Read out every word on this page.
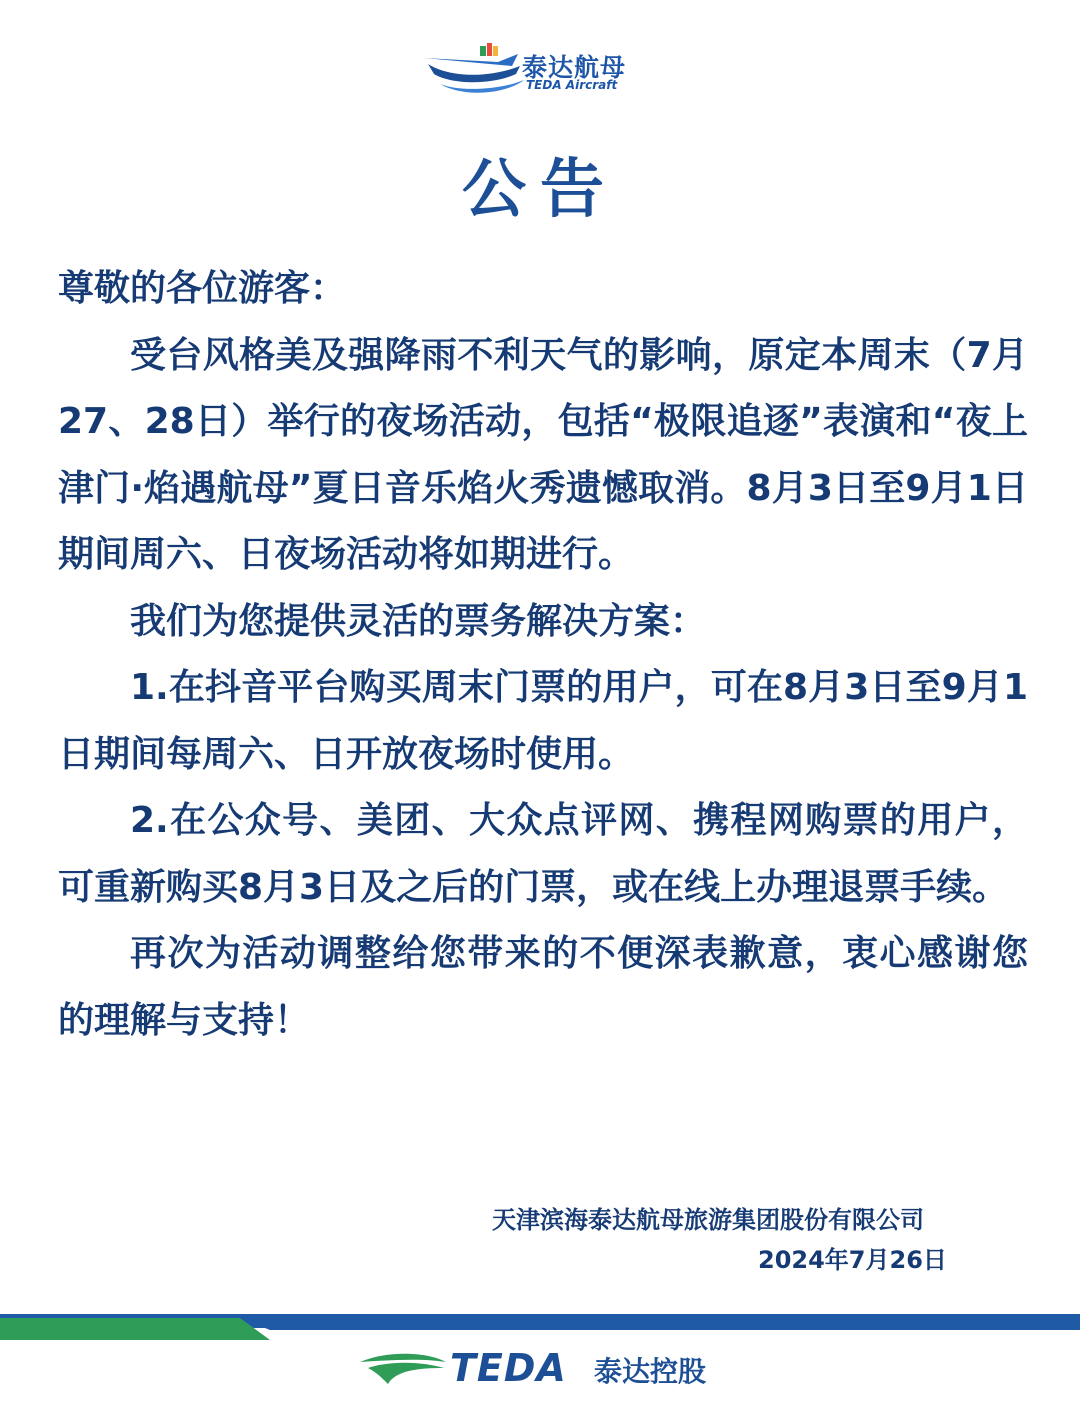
075 泰达航母
TEDA Aircraft
公告

尊敬的各位游客：

受台风格美及强降雨不利天气的影响，原定本周末（7月27、28日）举行的夜场活动，包括“极限追逐”表演和“夜上津门·焰遇航母”夏日音乐焰火秀遗憾取消。8月3日至9月1日期间周六、日夜场活动将如期进行。

我们为您提供灵活的票务解决方案：

1.在抖音平台购买周末门票的用户，可在8月3日至9月1日期间每周六、日开放夜场时使用。

2.在公众号、美团、大众点评网、携程网购票的用户，可重新购买8月3日及之后的门票，或在线上办理退票手续。

再次为活动调整给您带来的不便深表歉意，衷心感谢您的理解与支持！

天津滨海泰达航母旅游集团股份有限公司
2024年7月26日
TEDA 泰达控股
